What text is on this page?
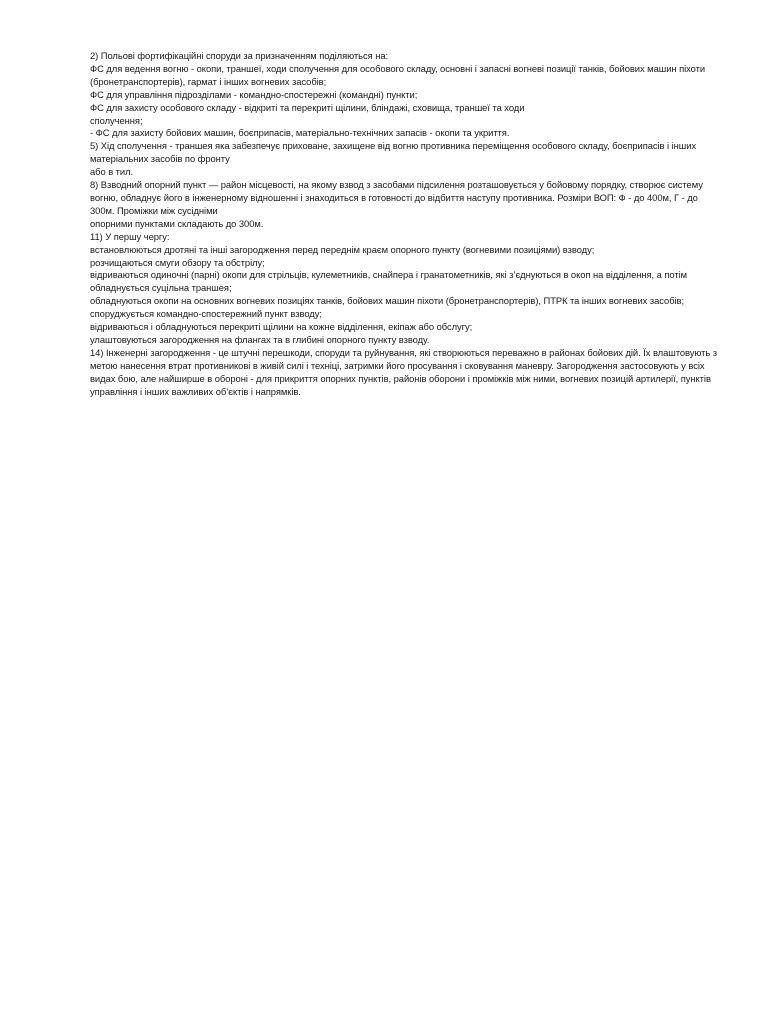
2) Польові фортифікаційні споруди за призначенням поділяються на:

ФС для ведення вогню - окопи, траншеї, ходи сполучення для особового складу, основні і запасні вогневі позиції танків, бойових машин піхоти (бронетранспортерів), гармат і інших вогневих засобів;

ФС для управління підрозділами - командно-спостережні (командні) пункти;

ФС для захисту особового складу - відкриті та перекриті щілини, бліндажі, сховища, траншеї та ходи

сполучення;

- ФС для захисту бойових машин, боєприпасів, матеріально-технічних запасів - окопи та укриття.

5) Хід сполучення - траншея яка забезпечує приховане, захищене від вогню противника переміщення особового складу, боєприпасів і інших матеріальних засобів по фронту

або в тил.

8) Взводний опорний пункт — район місцевості, на якому взвод з засобами підсилення розташовується у бойовому порядку, створює систему вогню, обладнує його в інженерному відношенні і знаходиться в готовності до відбиття наступу противника. Розміри ВОП: Ф - до 400м, Г - до 300м. Проміжки між сусідніми

опорними пунктами складають до 300м.

11) У першу чергу:

встановлюються дротяні та інші загородження перед переднім краєм опорного пункту (вогневими позиціями) взводу;

розчищаються смуги обзору та обстрілу;

відриваються одиночні (парні) окопи для стрільців, кулеметників, снайпера і гранатометників, які з’єднуються в окоп на відділення, а потім обладнується суцільна траншея;

обладнуються окопи на основних вогневих позиціях танків, бойових машин піхоти (бронетранспортерів), ПТРК та інших вогневих засобів;

споруджується командно-спостережний пункт взводу;

відриваються і обладнуються перекриті щілини на кожне відділення, екіпаж або обслугу;

улаштовуються загородження на флангах та в глибині опорного пункту взводу.

14) Інженерні загородження - це штучні перешкоди, споруди та руйнування, які створюються переважно в районах бойових дій. Їх влаштовують з метою нанесення втрат противникові в живій силі і техніці, затримки його просування і сковування маневру. Загородження застосовують у всіх видах бою, але найширше в обороні - для прикриття опорних пунктів, районів оборони і проміжків між ними, вогневих позицій артилерії, пунктів управління і інших важливих об’єктів і напрямків.
